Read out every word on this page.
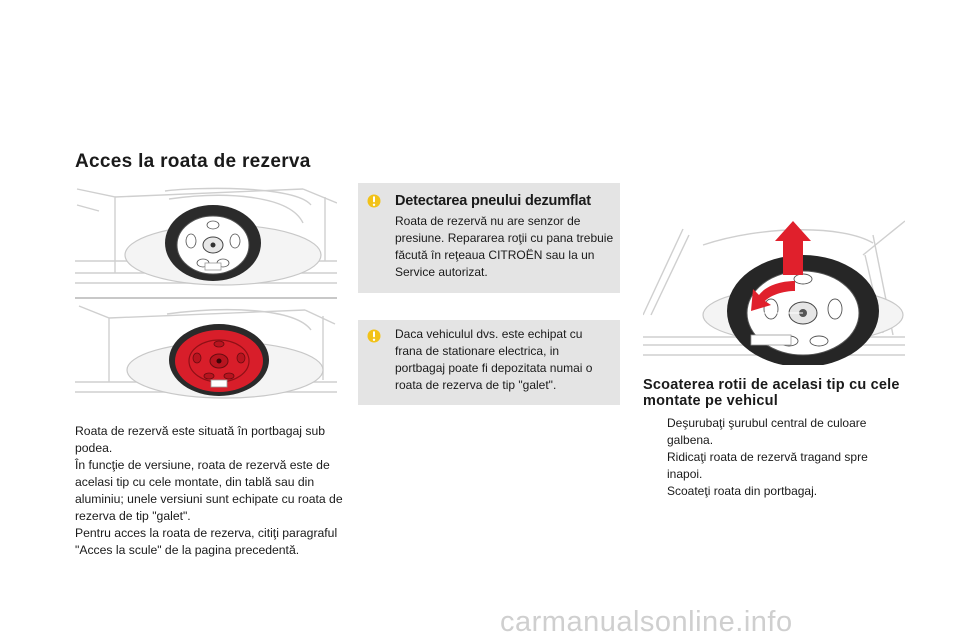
Acces la roata de rezerva

Roata de rezervă este situată în portbagaj sub podea.

În funcţie de versiune, roata de rezervă este de acelasi tip cu cele montate, din tablă sau din aluminiu; unele versiuni sunt echipate cu roata de rezerva de tip "galet".

Pentru acces la roata de rezerva, citiţi paragraful "Acces la scule" de la pagina precedentă.

Detectarea pneului dezumflat

Roata de rezervă nu are senzor de presiune. Repararea roţii cu pana trebuie făcută în reţeaua CITROËN sau la un Service autorizat.

Daca vehiculul dvs. este echipat cu frana de stationare electrica, in portbagaj poate fi depozitata numai o roata de rezerva de tip "galet".	Scoaterea rotii de acelasi tip cu cele montate pe vehicul
Deşurubaţi şurubul central de culoare galbena.
Ridicaţi roata de rezervă tragand spre inapoi.
Scoateţi roata din portbagaj.
carmanualsonline.info
